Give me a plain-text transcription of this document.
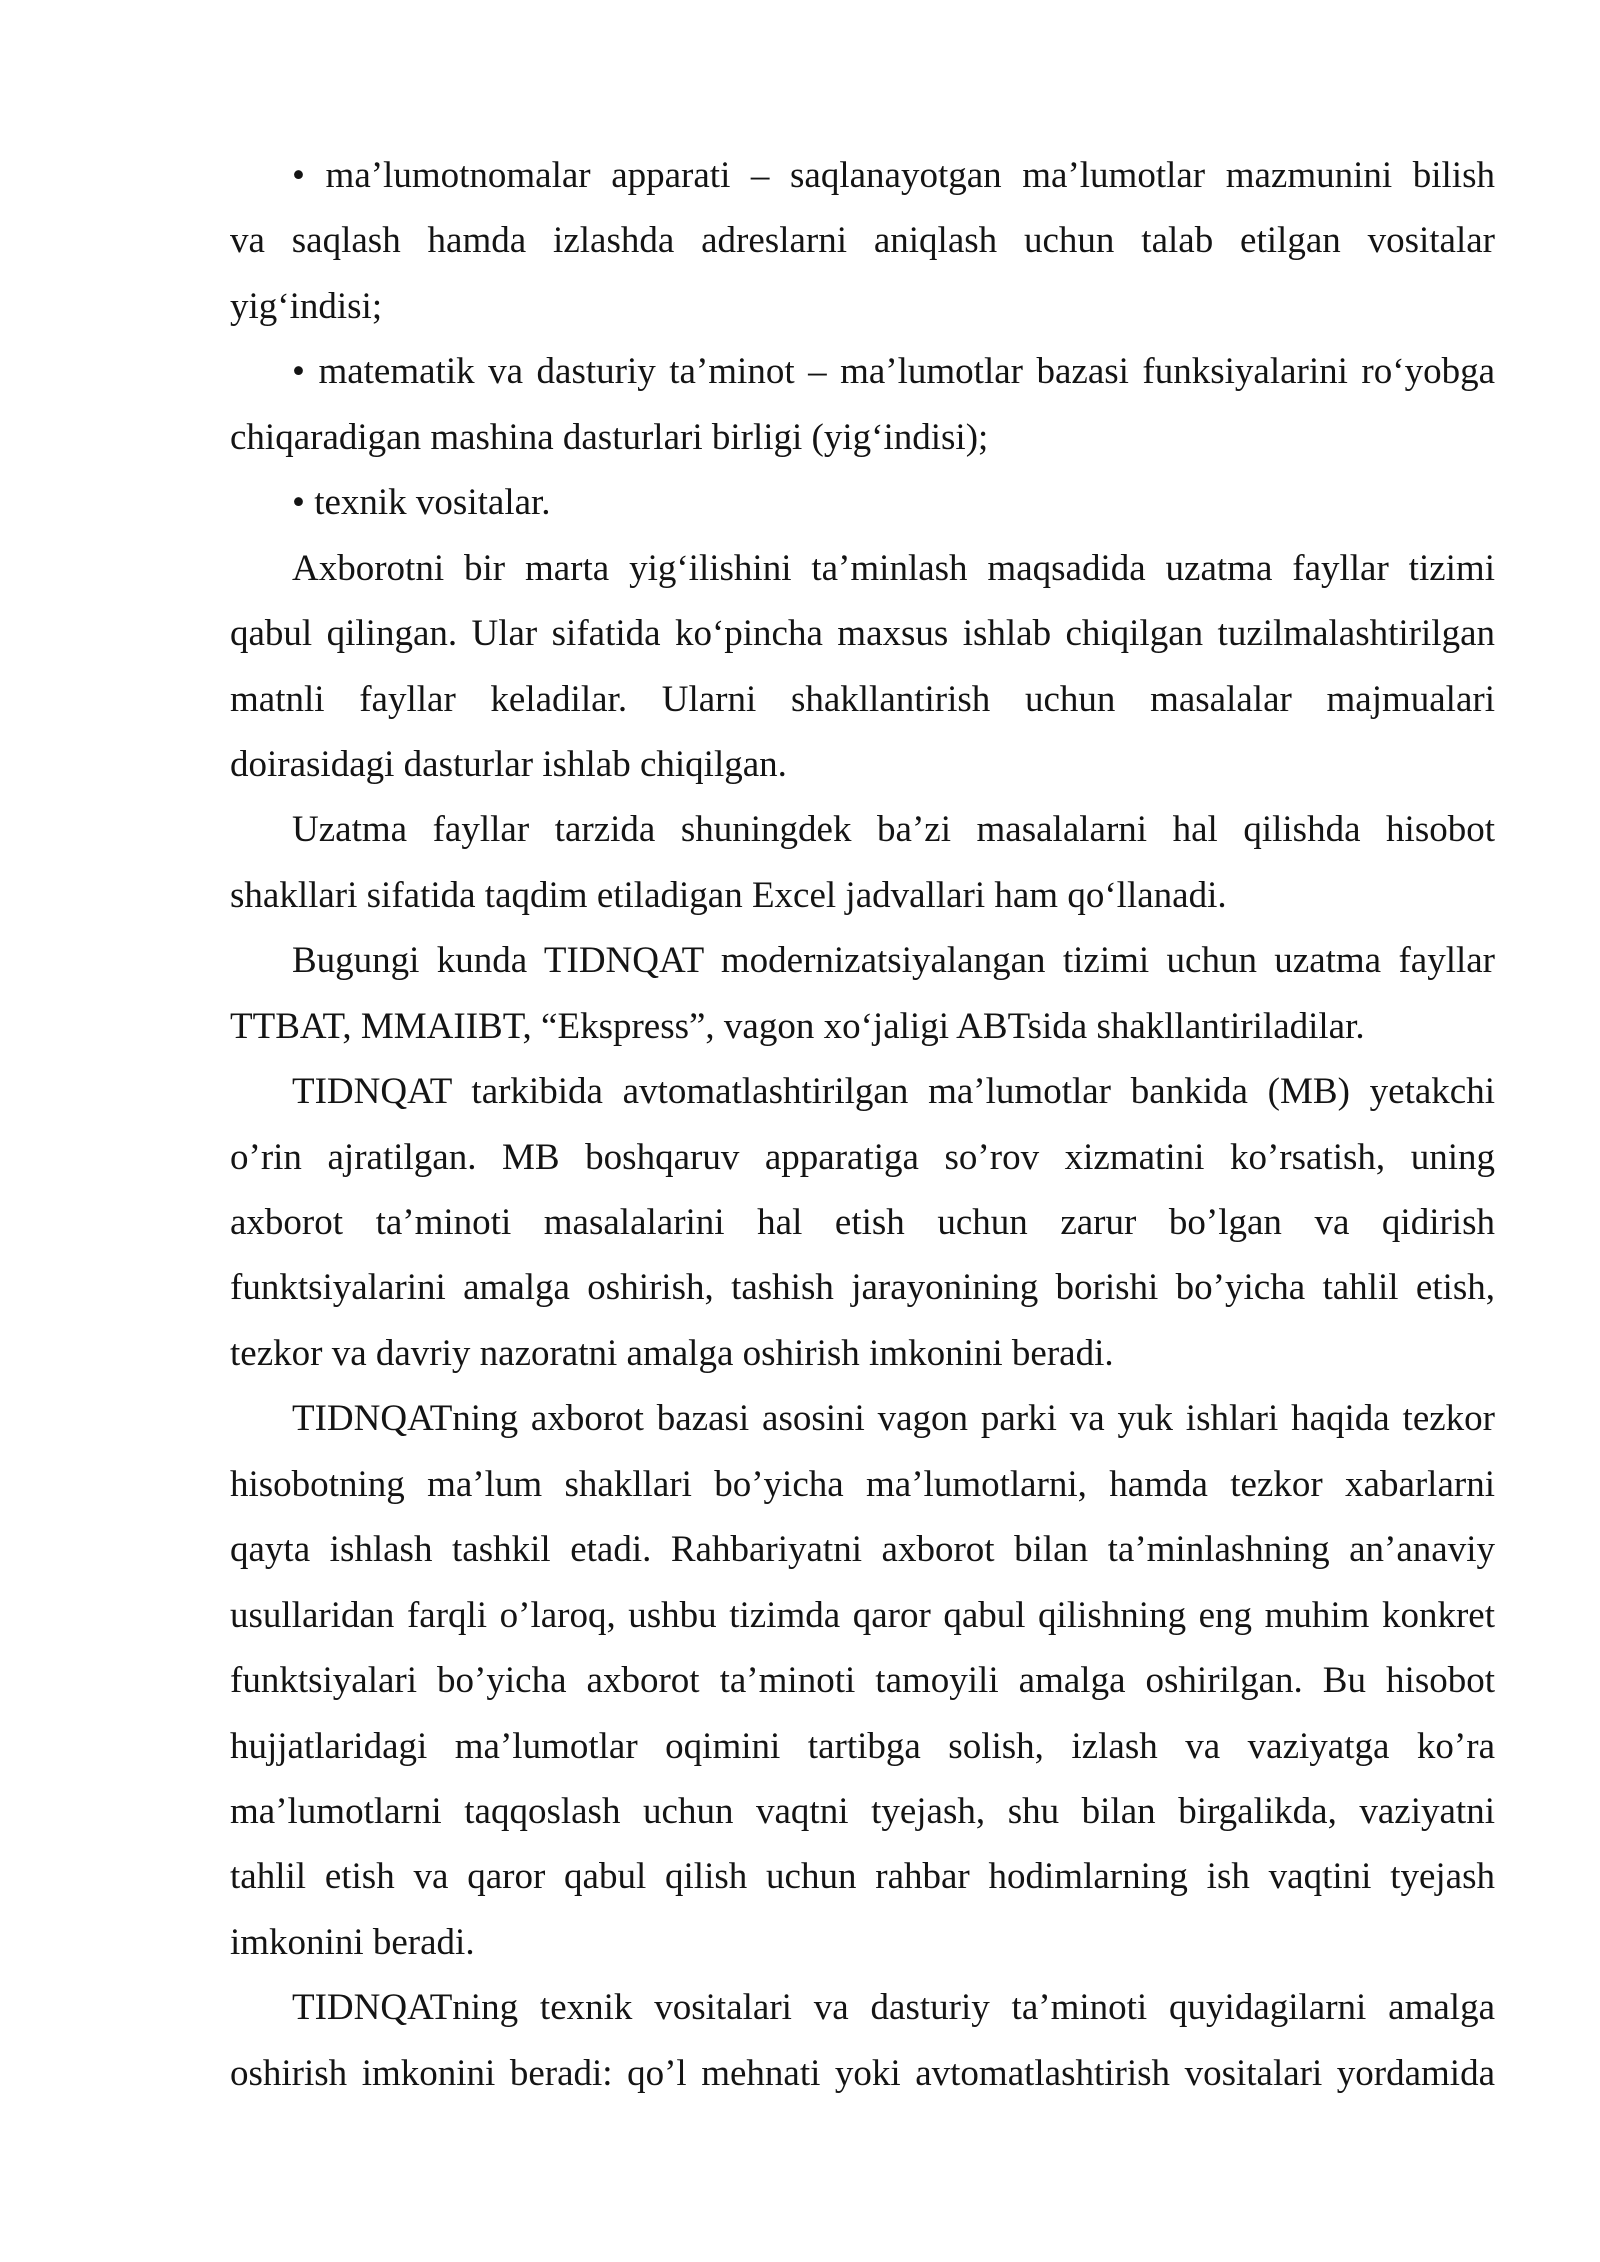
• ma’lumotnomalar apparati – saqlanayotgan ma’lumotlar mazmunini bilish
va saqlash hamda izlashda adreslarni aniqlash uchun talab etilgan vositalar
yig‘indisi;
• matematik va dasturiy ta’minot – ma’lumotlar bazasi funksiyalarini ro‘yobga
chiqaradigan mashina dasturlari birligi (yig‘indisi);
• texnik vositalar.
Axborotni bir marta yig‘ilishini ta’minlash maqsadida uzatma fayllar tizimi
qabul qilingan. Ular sifatida ko‘pincha maxsus ishlab chiqilgan tuzilmalashtirilgan
matnli fayllar keladilar. Ularni shakllantirish uchun masalalar majmualari
doirasidagi dasturlar ishlab chiqilgan.
Uzatma fayllar tarzida shuningdek ba’zi masalalarni hal qilishda hisobot
shakllari sifatida taqdim etiladigan Excel jadvallari ham qo‘llanadi.
Bugungi kunda TIDNQAT modernizatsiyalangan tizimi uchun uzatma fayllar
TTBAT, MMAIIBT, “Ekspress”, vagon xo‘jaligi ABTsida shakllantiriladilar.
TIDNQAT tarkibida avtomatlashtirilgan ma’lumotlar bankida (MB) yetakchi
o’rin ajratilgan. MB boshqaruv apparatiga so’rov xizmatini ko’rsatish, uning
axborot ta’minoti masalalarini hal etish uchun zarur bo’lgan va qidirish
funktsiyalarini amalga oshirish, tashish jarayonining borishi bo’yicha tahlil etish,
tezkor va davriy nazoratni amalga oshirish imkonini beradi.
TIDNQATning axborot bazasi asosini vagon parki va yuk ishlari haqida tezkor
hisobotning ma’lum shakllari bo’yicha ma’lumotlarni, hamda tezkor xabarlarni
qayta ishlash tashkil etadi. Rahbariyatni axborot bilan ta’minlashning an’anaviy
usullaridan farqli o’laroq, ushbu tizimda qaror qabul qilishning eng muhim konkret
funktsiyalari bo’yicha axborot ta’minoti tamoyili amalga oshirilgan. Bu hisobot
hujjatlaridagi ma’lumotlar oqimini tartibga solish, izlash va vaziyatga ko’ra
ma’lumotlarni taqqoslash uchun vaqtni tyejash, shu bilan birgalikda, vaziyatni
tahlil etish va qaror qabul qilish uchun rahbar hodimlarning ish vaqtini tyejash
imkonini beradi.
TIDNQATning texnik vositalari va dasturiy ta’minoti quyidagilarni amalga
oshirish imkonini beradi: qo’l mehnati yoki avtomatlashtirish vositalari yordamida
